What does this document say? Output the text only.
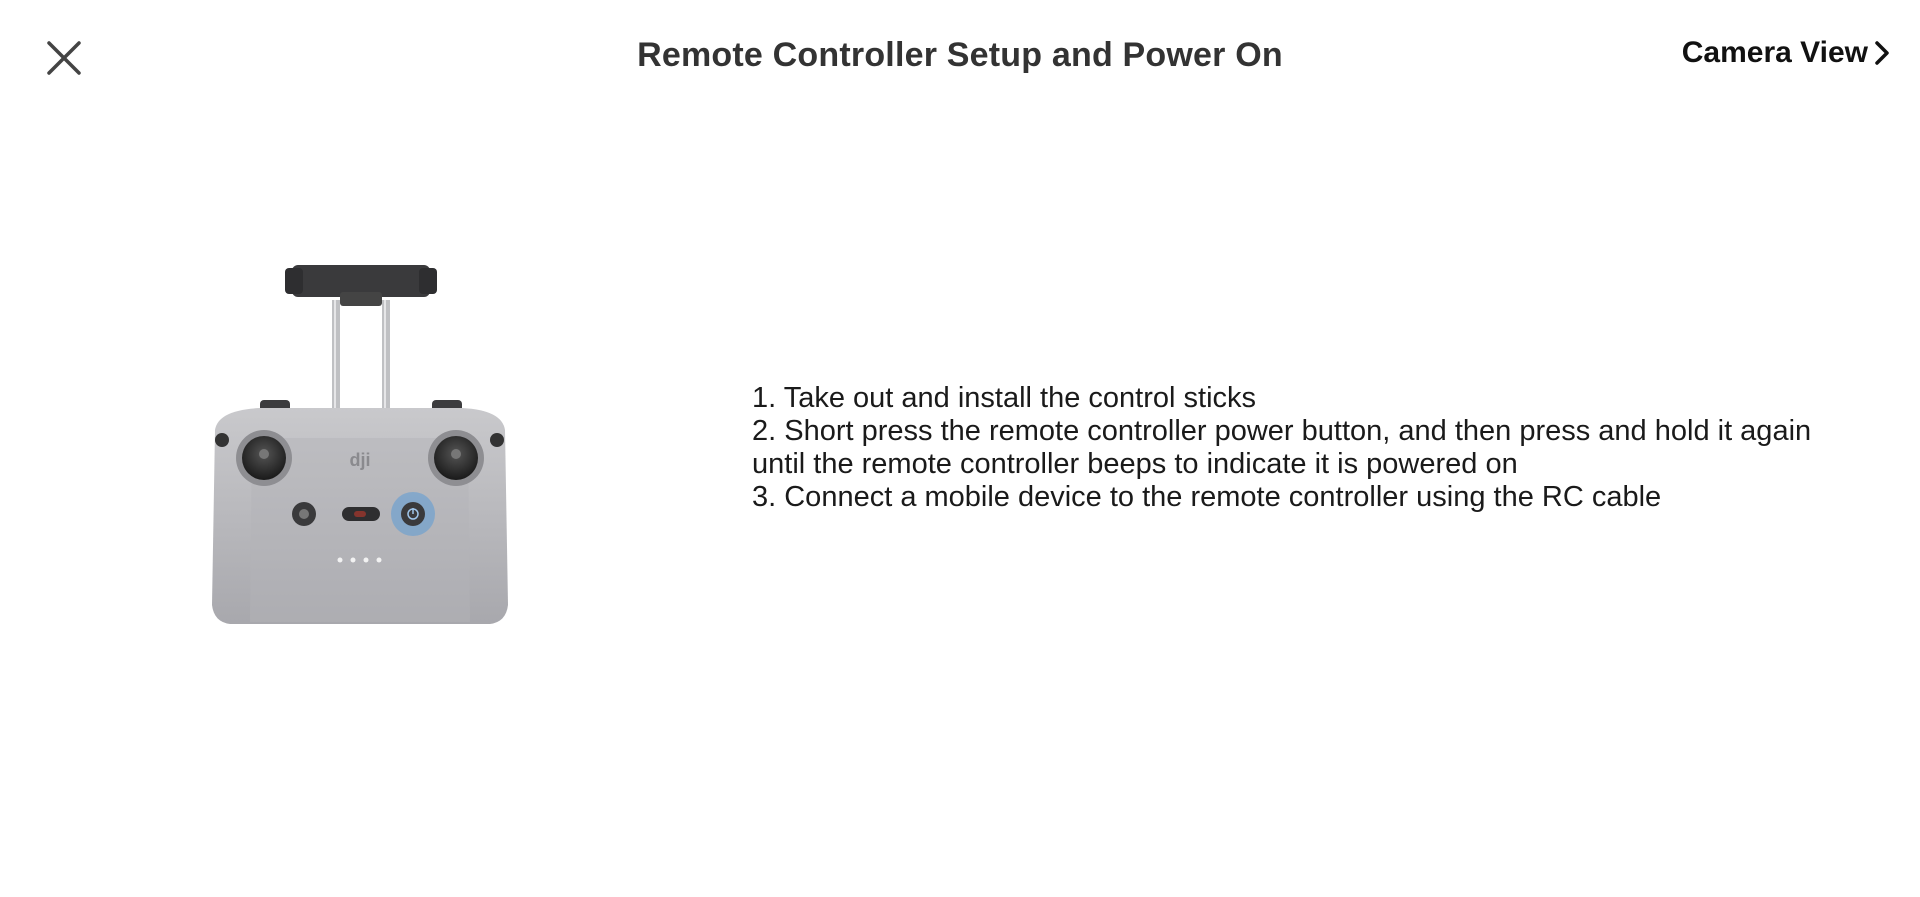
Remote Controller Setup and Power On	Camera View
dji

1. Take out and install the control sticks

2. Short press the remote controller power button, and then press and hold it again until the remote controller beeps to indicate it is powered on

3. Connect a mobile device to the remote controller using the RC cable
